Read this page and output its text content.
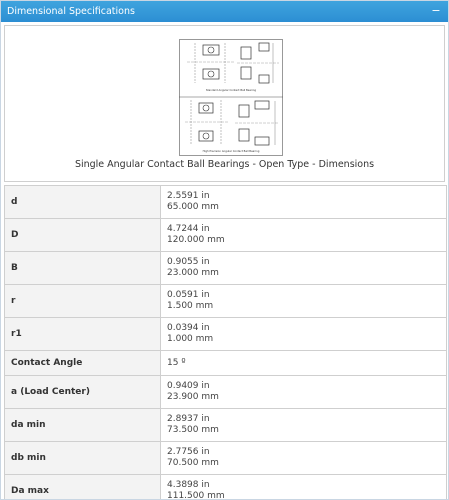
Dimensional Specifications	−
Standard Angular Contact Ball Bearing
High Precision Angular Contact Ball Bearing
Single Angular Contact Ball Bearings - Open Type - Dimensions
d	2.5591 in
65.000 mm

D	4.7244 in
120.000 mm

B	0.9055 in
23.000 mm

r	0.0591 in
1.500 mm

r1	0.0394 in
1.000 mm

Contact Angle	15 º

a (Load Center)	0.9409 in
23.900 mm

da min	2.8937 in
73.500 mm

db min	2.7756 in
70.500 mm

Da max	4.3898 in
111.500 mm
